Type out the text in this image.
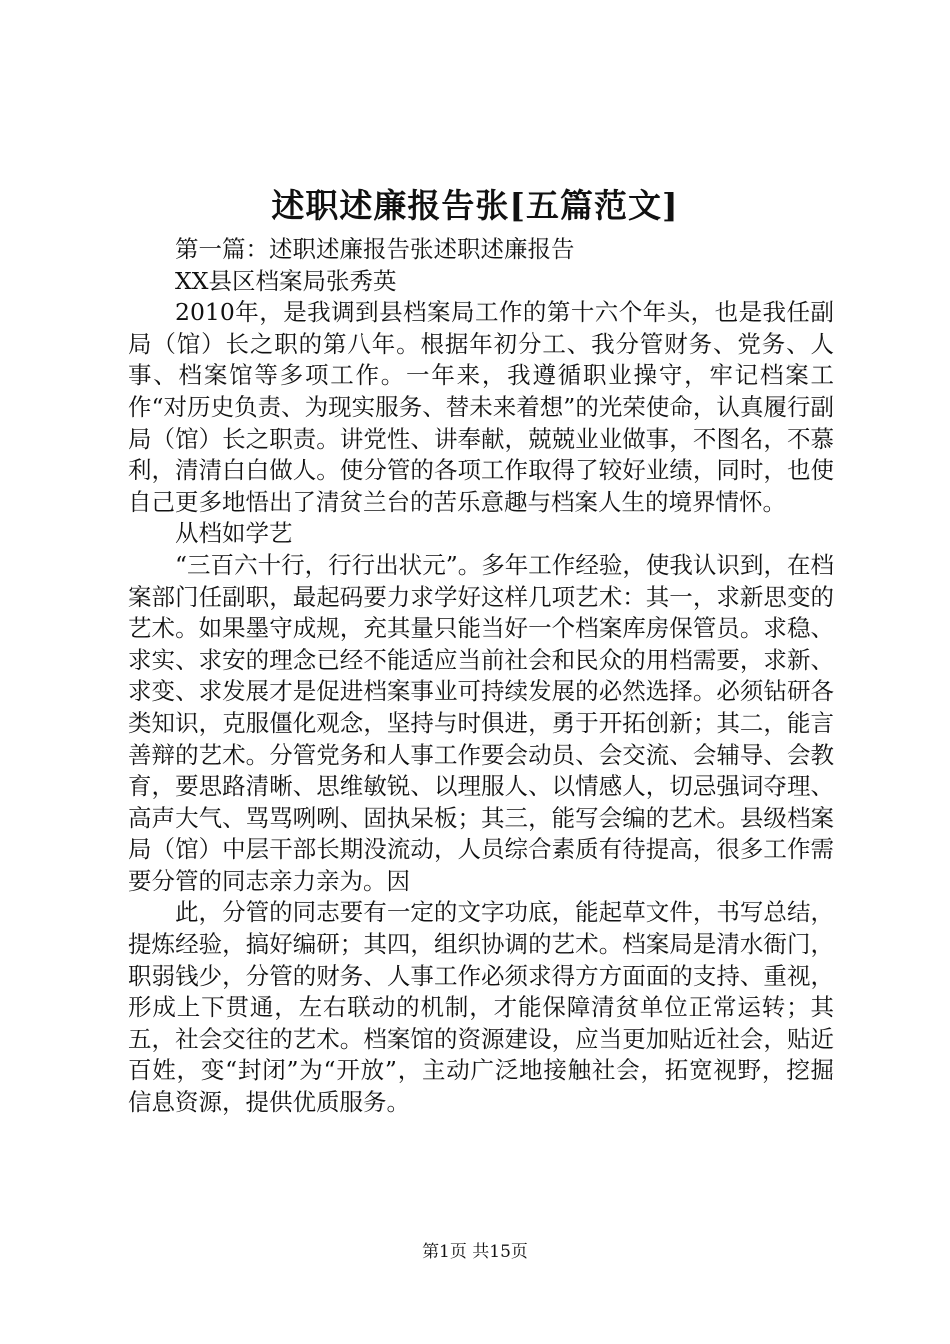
述职述廉报告张[五篇范文]

第一篇：述职述廉报告张述职述廉报告

XX县区档案局张秀英

2010年，是我调到县档案局工作的第十六个年头，也是我任副局（馆）长之职的第八年。根据年初分工、我分管财务、党务、人事、档案馆等多项工作。一年来，我遵循职业操守，牢记档案工作“对历史负责、为现实服务、替未来着想”的光荣使命，认真履行副局（馆）长之职责。讲党性、讲奉献，兢兢业业做事，不图名，不慕利，清清白白做人。使分管的各项工作取得了较好业绩，同时，也使自己更多地悟出了清贫兰台的苦乐意趣与档案人生的境界情怀。

从档如学艺

“三百六十行，行行出状元”。多年工作经验，使我认识到，在档案部门任副职，最起码要力求学好这样几项艺术：其一，求新思变的艺术。如果墨守成规，充其量只能当好一个档案库房保管员。求稳、求实、求安的理念已经不能适应当前社会和民众的用档需要，求新、求变、求发展才是促进档案事业可持续发展的必然选择。必须钻研各类知识，克服僵化观念，坚持与时俱进，勇于开拓创新；其二，能言善辩的艺术。分管党务和人事工作要会动员、会交流、会辅导、会教育，要思路清晰、思维敏锐、以理服人、以情感人，切忌强词夺理、高声大气、骂骂咧咧、固执呆板；其三，能写会编的艺术。县级档案局（馆）中层干部长期没流动，人员综合素质有待提高，很多工作需要分管的同志亲力亲为。因

此，分管的同志要有一定的文字功底，能起草文件，书写总结，提炼经验，搞好编研；其四，组织协调的艺术。档案局是清水衙门，职弱钱少，分管的财务、人事工作必须求得方方面面的支持、重视，形成上下贯通，左右联动的机制，才能保障清贫单位正常运转；其五，社会交往的艺术。档案馆的资源建设，应当更加贴近社会，贴近百姓，变“封闭”为“开放”，主动广泛地接触社会，拓宽视野，挖掘信息资源，提供优质服务。

第1页 共15页
